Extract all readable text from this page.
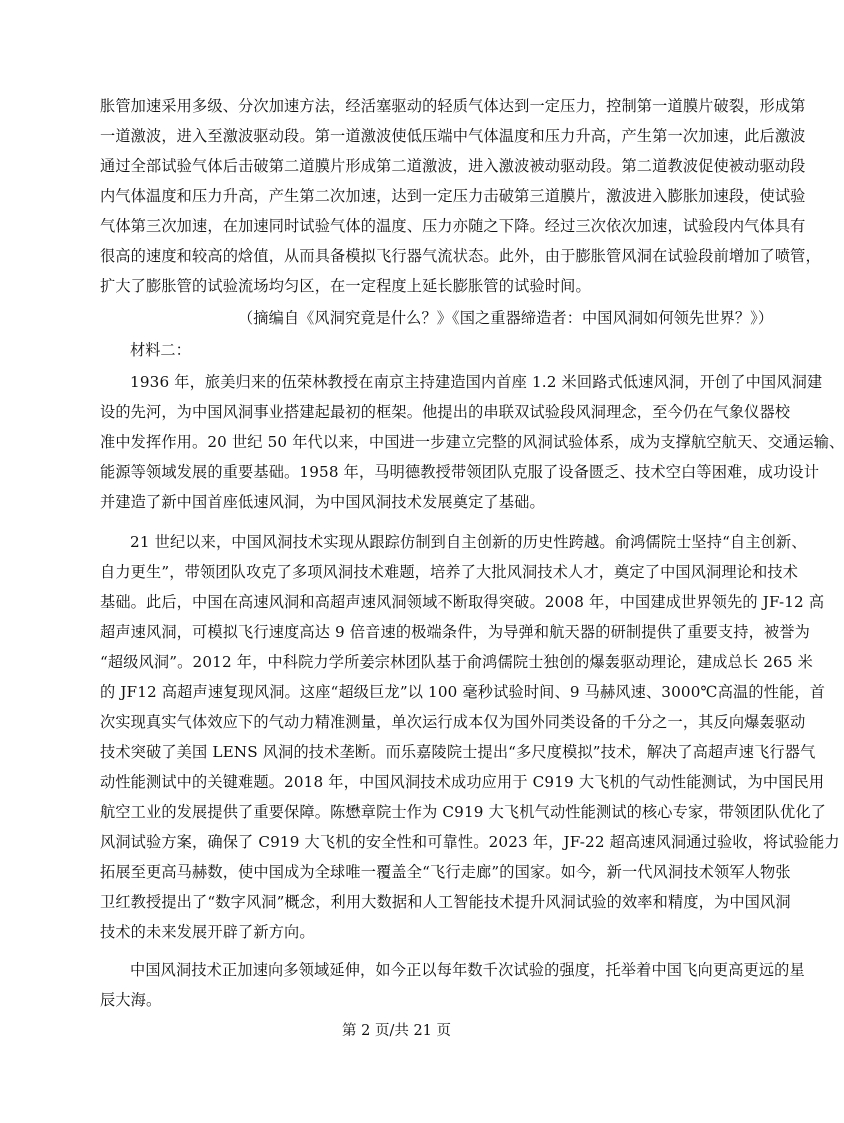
胀管加速采用多级、分次加速方法，经活塞驱动的轻质气体达到一定压力，控制第一道膜片破裂，形成第
一道激波，进入至激波驱动段。第一道激波使低压端中气体温度和压力升高，产生第一次加速，此后激波
通过全部试验气体后击破第二道膜片形成第二道激波，进入激波被动驱动段。第二道教波促使被动驱动段
内气体温度和压力升高，产生第二次加速，达到一定压力击破第三道膜片，激波进入膨胀加速段，使试验
气体第三次加速，在加速同时试验气体的温度、压力亦随之下降。经过三次依次加速，试验段内气体具有
很高的速度和较高的焓值，从而具备模拟飞行器气流状态。此外，由于膨胀管风洞在试验段前增加了喷管，
扩大了膨胀管的试验流场均匀区，在一定程度上延长膨胀管的试验时间。
（摘编自《风洞究竟是什么？》《国之重器缔造者：中国风洞如何领先世界？》）
材料二：
1936 年，旅美归来的伍荣林教授在南京主持建造国内首座 1.2 米回路式低速风洞，开创了中国风洞建
设的先河，为中国风洞事业搭建起最初的框架。他提出的串联双试验段风洞理念，至今仍在气象仪器校
准中发挥作用。20 世纪 50 年代以来，中国进一步建立完整的风洞试验体系，成为支撑航空航天、交通运输、
能源等领域发展的重要基础。1958 年，马明德教授带领团队克服了设备匮乏、技术空白等困难，成功设计
并建造了新中国首座低速风洞，为中国风洞技术发展奠定了基础。
21 世纪以来，中国风洞技术实现从跟踪仿制到自主创新的历史性跨越。俞鸿儒院士坚持“自主创新、
自力更生”，带领团队攻克了多项风洞技术难题，培养了大批风洞技术人才，奠定了中国风洞理论和技术
基础。此后，中国在高速风洞和高超声速风洞领域不断取得突破。2008 年，中国建成世界领先的 JF-12 高
超声速风洞，可模拟飞行速度高达 9 倍音速的极端条件，为导弹和航天器的研制提供了重要支持，被誉为
“超级风洞”。2012 年，中科院力学所姜宗林团队基于俞鸿儒院士独创的爆轰驱动理论，建成总长 265 米
的 JF12 高超声速复现风洞。这座“超级巨龙”以 100 毫秒试验时间、9 马赫风速、3000℃高温的性能，首
次实现真实气体效应下的气动力精准测量，单次运行成本仅为国外同类设备的千分之一，其反向爆轰驱动
技术突破了美国 LENS 风洞的技术垄断。而乐嘉陵院士提出“多尺度模拟”技术，解决了高超声速飞行器气
动性能测试中的关键难题。2018 年，中国风洞技术成功应用于 C919 大飞机的气动性能测试，为中国民用
航空工业的发展提供了重要保障。陈懋章院士作为 C919 大飞机气动性能测试的核心专家，带领团队优化了
风洞试验方案，确保了 C919 大飞机的安全性和可靠性。2023 年，JF-22 超高速风洞通过验收，将试验能力
拓展至更高马赫数，使中国成为全球唯一覆盖全“飞行走廊”的国家。如今，新一代风洞技术领军人物张
卫红教授提出了“数字风洞”概念，利用大数据和人工智能技术提升风洞试验的效率和精度，为中国风洞
技术的未来发展开辟了新方向。
中国风洞技术正加速向多领域延伸，如今正以每年数千次试验的强度，托举着中国飞向更高更远的星
辰大海。
第 2 页/共 21 页
